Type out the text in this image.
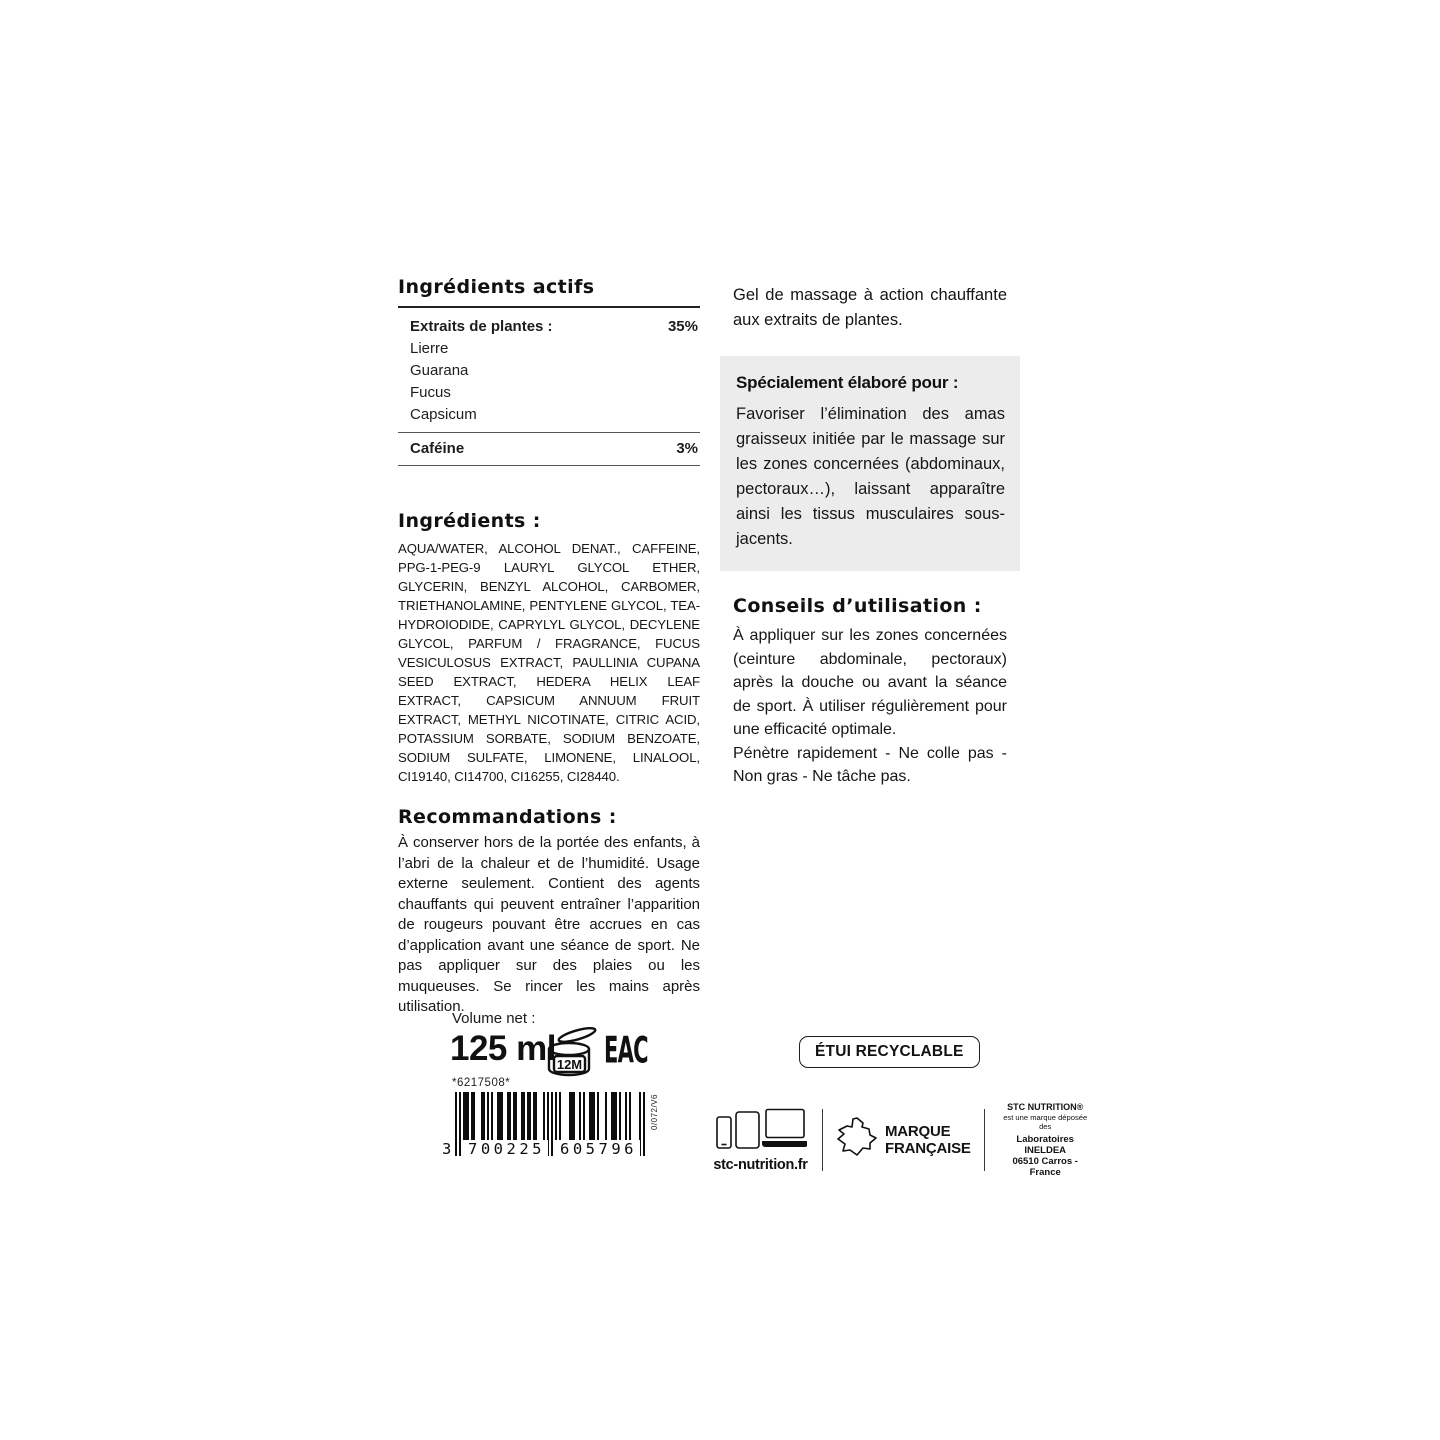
Ingrédients actifs
Extraits de plantes :	35%
Lierre
Guarana
Fucus
Capsicum
Caféine	3%
Ingrédients :
AQUA/WATER, ALCOHOL DENAT., CAFFEINE, PPG-1-PEG-9 LAURYL GLYCOL ETHER, GLYCERIN, BENZYL ALCOHOL, CARBOMER, TRIETHANOLAMINE, PENTYLENE GLYCOL, TEA-HYDROIODIDE, CAPRYLYL GLYCOL, DECYLENE GLYCOL, PARFUM / FRAGRANCE, FUCUS VESICULOSUS EXTRACT, PAULLINIA CUPANA SEED EXTRACT, HEDERA HELIX LEAF EXTRACT, CAPSICUM ANNUUM FRUIT EXTRACT, METHYL NICOTINATE, CITRIC ACID, POTASSIUM SORBATE, SODIUM BENZOATE, SODIUM SULFATE, LIMONENE, LINALOOL, CI19140, CI14700, CI16255, CI28440.
Recommandations :
À conserver hors de la portée des enfants, à l’abri de la chaleur et de l’humidité. Usage externe seulement. Contient des agents chauffants qui peuvent entraîner l’apparition de rougeurs pouvant être accrues en cas d’application avant une séance de sport. Ne pas appliquer sur des plaies ou les muqueuses. Se rincer les mains après utilisation.
Gel de massage à action chauffante aux extraits de plantes.
Spécialement élaboré pour :
Favoriser l’élimination des amas graisseux initiée par le massage sur les zones concernées (abdominaux, pectoraux…), laissant apparaître ainsi les tissus musculaires sous-jacents.
Conseils d’utilisation :
À appliquer sur les zones concernées (ceinture abdominale, pectoraux) après la douche ou avant la séance de sport. À utiliser régulièrement pour une efficacité optimale.
Pénètre rapidement - Ne colle pas - Non gras - Ne tâche pas.
Volume net :
125 ml 12M EAC
*6217508*
3	700225 605796
0/072/V6
ÉTUI RECYCLABLE
stc-nutrition.fr
MARQUE
FRANÇAISE
STC NUTRITION®
est une marque déposée des
Laboratoires INELDEA
06510 Carros - France
